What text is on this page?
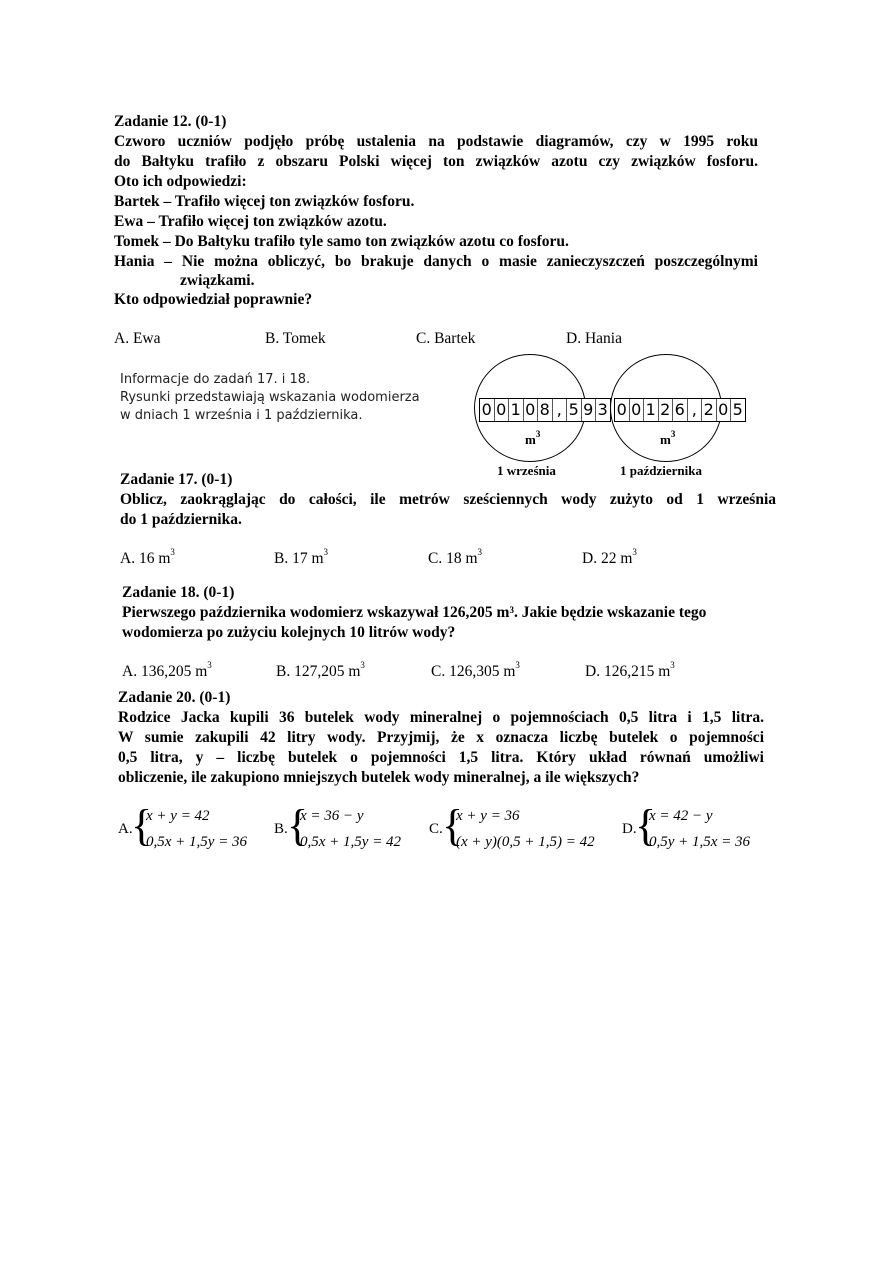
Zadanie 12. (0-1)
Czworo uczniów podjęło próbę ustalenia na podstawie diagramów, czy w 1995 roku
do Bałtyku trafiło z obszaru Polski więcej ton związków azotu czy związków fosforu.
Oto ich odpowiedzi:
Bartek – Trafiło więcej ton związków fosforu.
Ewa – Trafiło więcej ton związków azotu.
Tomek – Do Bałtyku trafiło tyle samo ton związków azotu co fosforu.
Hania – Nie można obliczyć, bo brakuje danych o masie zanieczyszczeń poszczególnymi
związkami.
Kto odpowiedział poprawnie?
A. Ewa	B. Tomek	C. Bartek	D. Hania
Informacje do zadań 17. i 18.
Rysunki przedstawiają wskazania wodomierza
w dniach 1 września i 1 października.	0 0 1 0 8 , 5 9 3
$m^3$
1 września
0 0 1 2 6 , 2 0 5
$m^3$
1 października
Zadanie 17. (0-1)
Oblicz, zaokrąglając do całości, ile metrów sześciennych wody zużyto od 1 września
do 1 października.
A. 16 $m^3$	B. 17 $m^3$	C. 18 $m^3$	D. 22 $m^3$
Zadanie 18. (0-1)
Pierwszego października wodomierz wskazywał 126,205 $m^3$. Jakie będzie wskazanie tego
wodomierza po zużyciu kolejnych 10 litrów wody?
A. 136,205 $m^3$	B. 127,205 $m^3$	C. 126,305 $m^3$	D. 126,215 $m^3$
Zadanie 20. (0-1)
Rodzice Jacka kupili 36 butelek wody mineralnej o pojemnościach 0,5 litra i 1,5 litra.
W sumie zakupili 42 litry wody. Przyjmij, że x oznacza liczbę butelek o pojemności
0,5 litra, y – liczbę butelek o pojemności 1,5 litra. Który układ równań umożliwi
obliczenie, ile zakupiono mniejszych butelek wody mineralnej, a ile większych?
A.
{
x + y = 42
0,5x + 1,5y = 36
B. {
x = 36 − y
0,5x + 1,5y = 42
C. {
x + y = 36
(x + y)(0,5 + 1,5) = 42
D.
{
x = 42 − y
0,5y + 1,5x = 36
